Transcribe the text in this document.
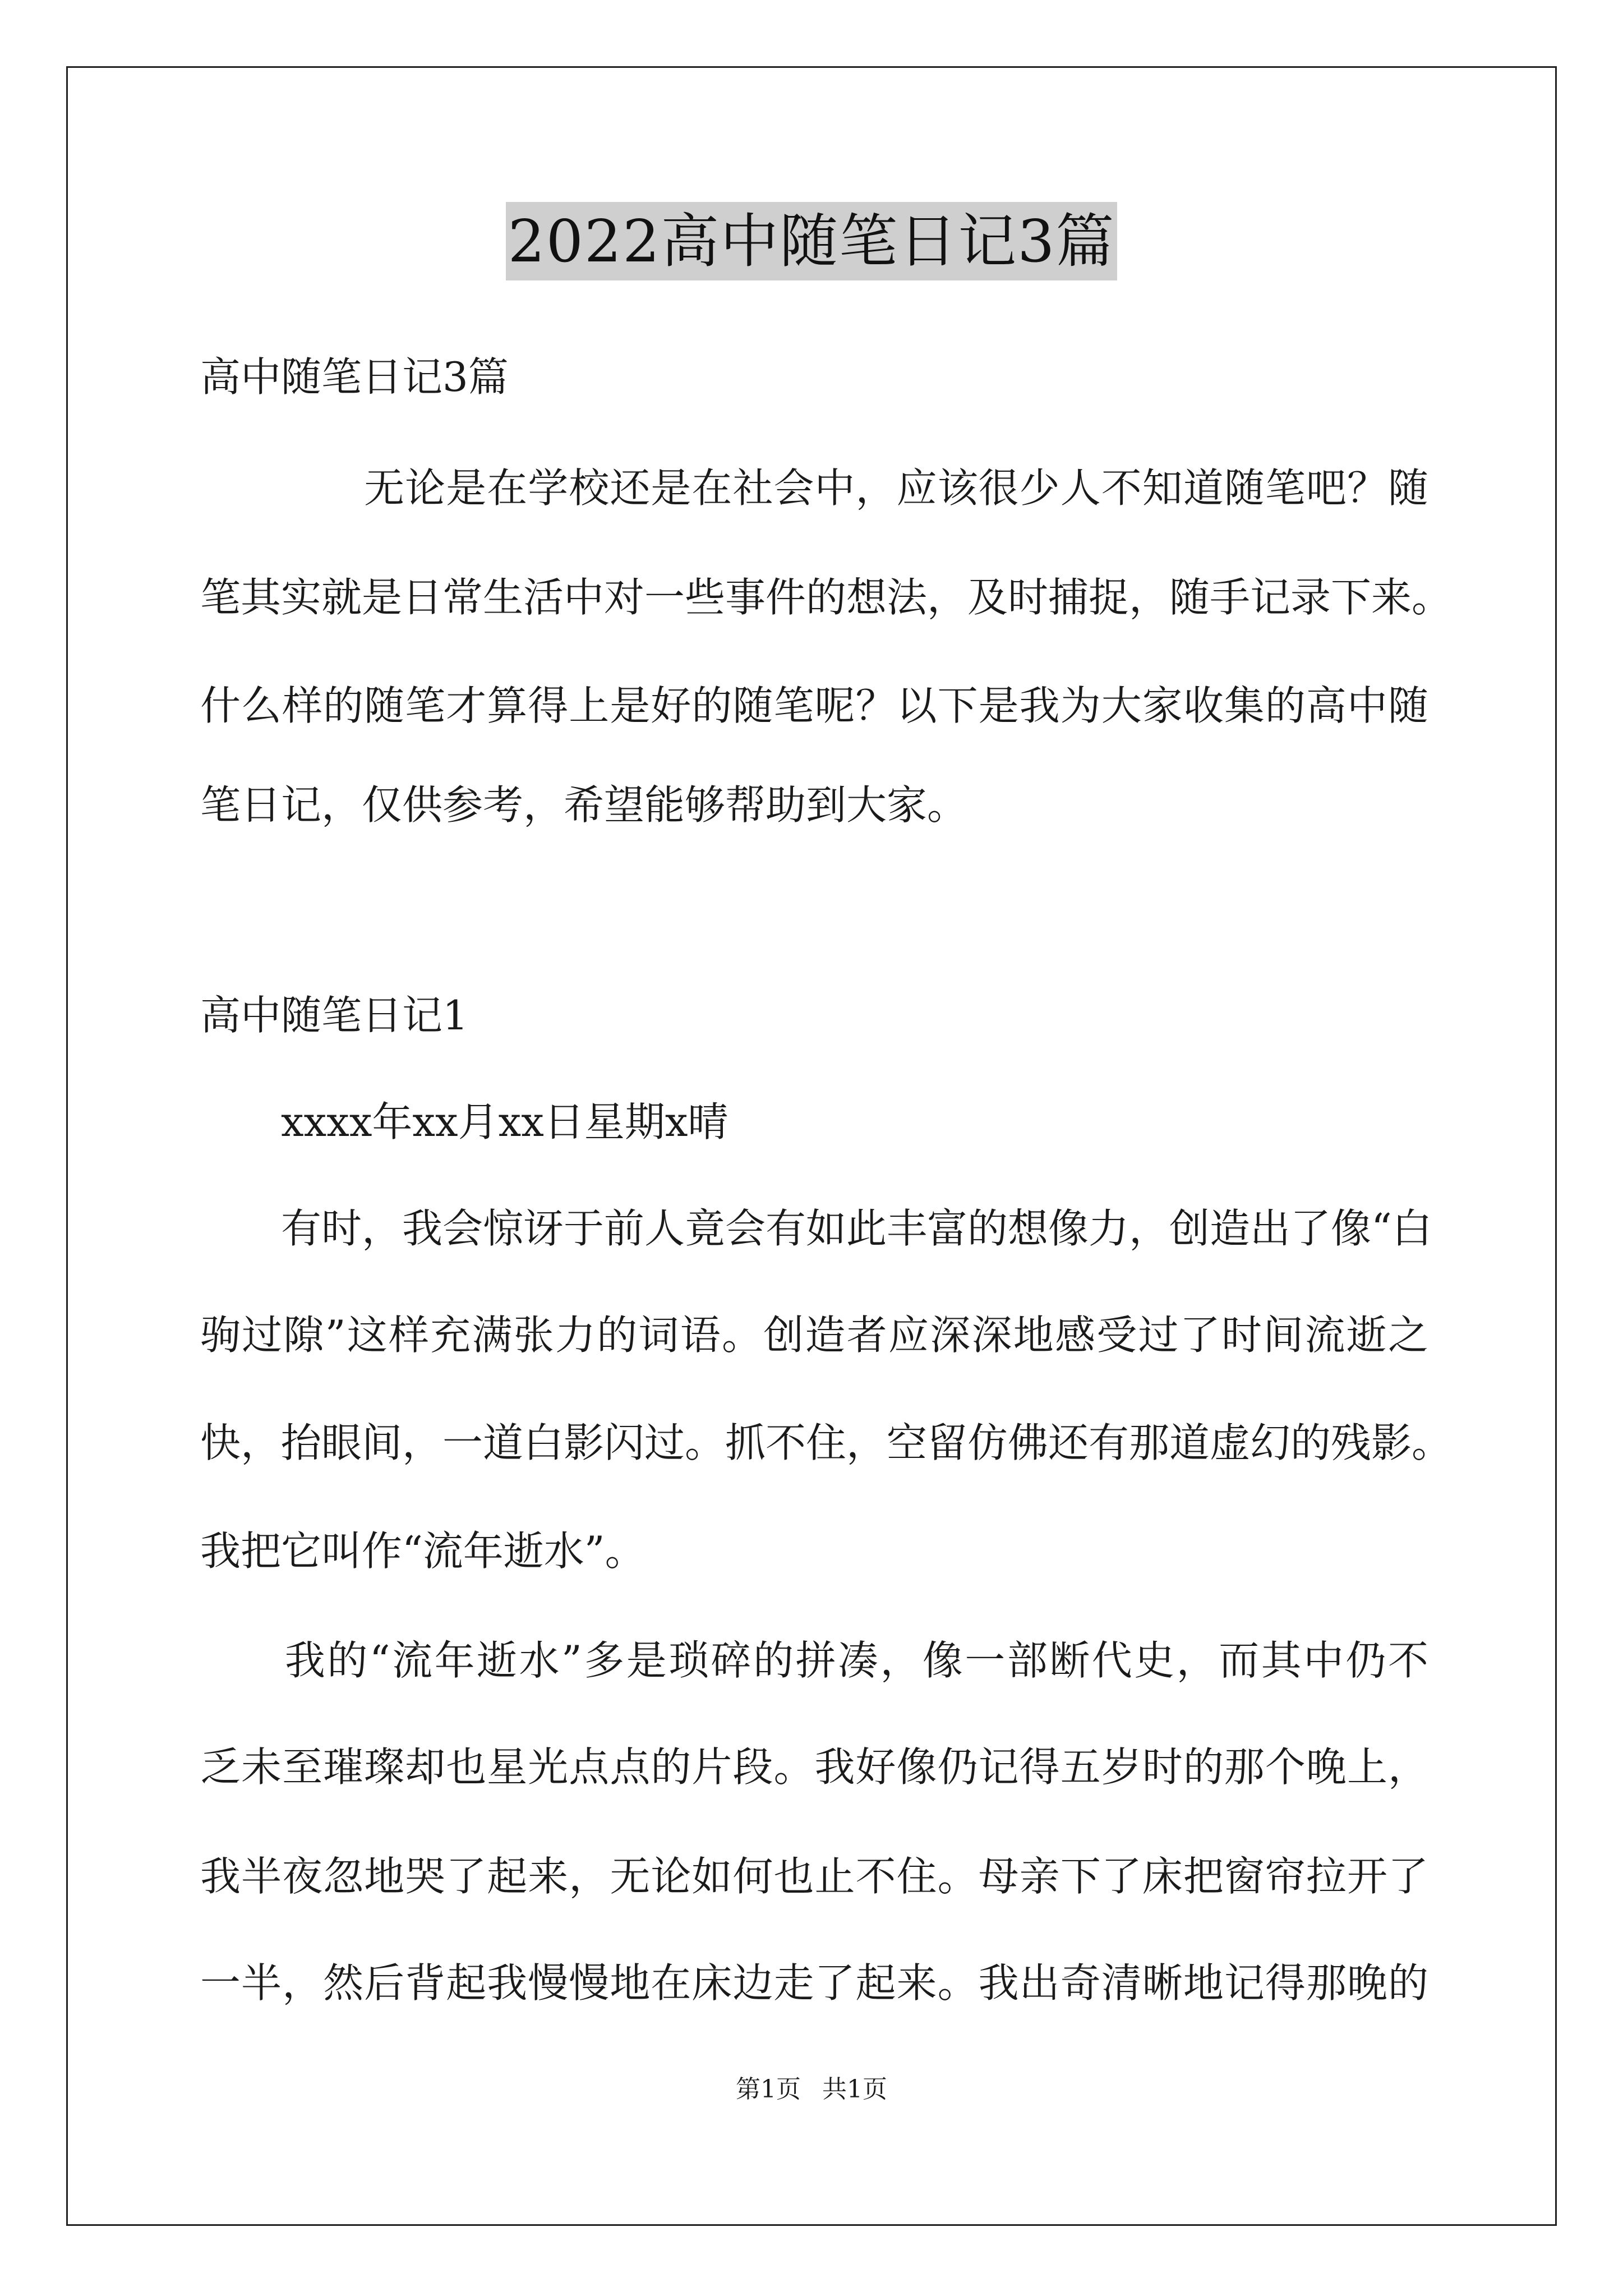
2022高中随笔日记3篇
高中随笔日记3篇
　　　　无论是在学校还是在社会中，应该很少人不知道随笔吧？随
笔其实就是日常生活中对一些事件的想法，及时捕捉，随手记录下来。
什么样的随笔才算得上是好的随笔呢？以下是我为大家收集的高中随
笔日记，仅供参考，希望能够帮助到大家。
高中随笔日记1
　　xxxx年xx月xx日星期x晴
　　有时，我会惊讶于前人竟会有如此丰富的想像力，创造出了像“白
驹过隙”这样充满张力的词语。创造者应深深地感受过了时间流逝之
快，抬眼间，一道白影闪过。抓不住，空留仿佛还有那道虚幻的残影。
我把它叫作“流年逝水”。
　　我的“流年逝水”多是琐碎的拼凑，像一部断代史，而其中仍不
乏未至璀璨却也星光点点的片段。我好像仍记得五岁时的那个晚上，
我半夜忽地哭了起来，无论如何也止不住。母亲下了床把窗帘拉开了
一半，然后背起我慢慢地在床边走了起来。我出奇清晰地记得那晚的
第1页 共1页
